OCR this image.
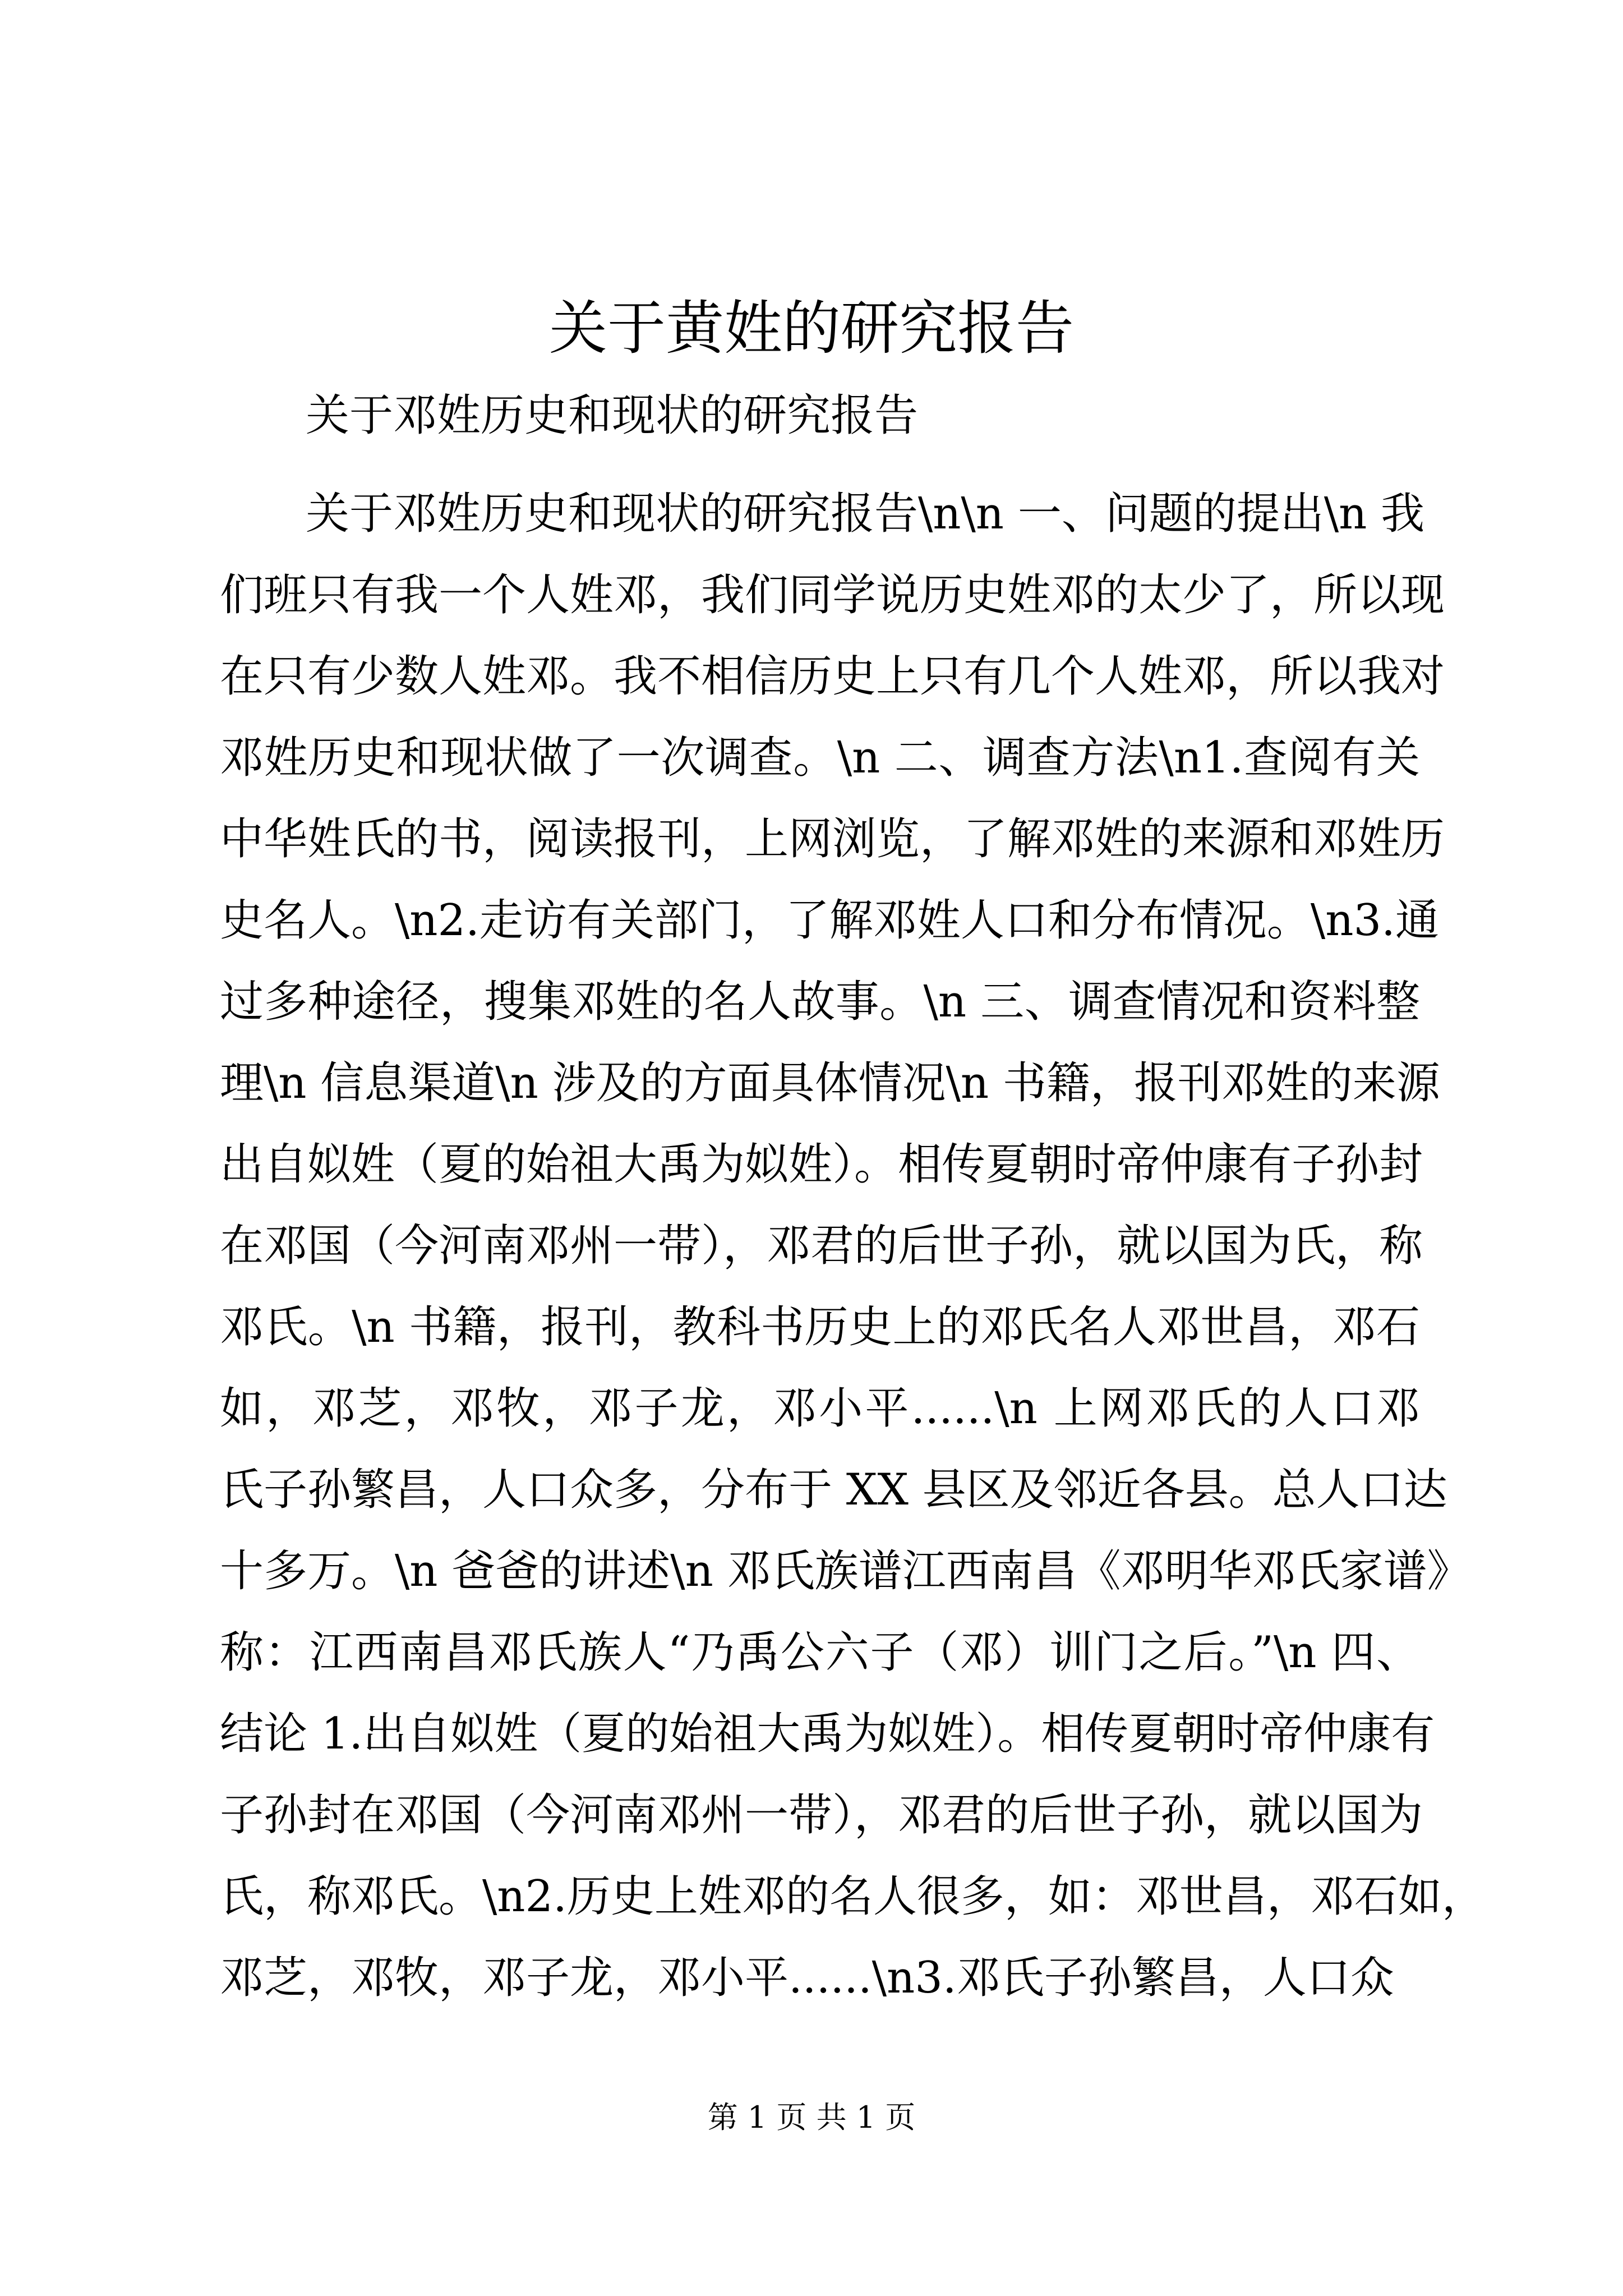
关于黄姓的研究报告

关于邓姓历史和现状的研究报告

关于邓姓历史和现状的研究报告\n\n 一、问题的提出\n 我
们班只有我一个人姓邓，我们同学说历史姓邓的太少了，所以现
在只有少数人姓邓。我不相信历史上只有几个人姓邓，所以我对
邓姓历史和现状做了一次调查。\n 二、调查方法\n1.查阅有关
中华姓氏的书，阅读报刊，上网浏览，了解邓姓的来源和邓姓历
史名人。\n2.走访有关部门，了解邓姓人口和分布情况。\n3.通
过多种途径，搜集邓姓的名人故事。\n 三、调查情况和资料整
理\n 信息渠道\n 涉及的方面具体情况\n 书籍，报刊邓姓的来源
出自姒姓（夏的始祖大禹为姒姓）。相传夏朝时帝仲康有子孙封
在邓国（今河南邓州一带），邓君的后世子孙，就以国为氏，称
邓氏。\n 书籍，报刊，教科书历史上的邓氏名人邓世昌，邓石
如，邓芝，邓牧，邓子龙，邓小平......\n 上网邓氏的人口邓
氏子孙繁昌，人口众多，分布于 XX 县区及邻近各县。总人口达
十多万。\n 爸爸的讲述\n 邓氏族谱江西南昌《邓明华邓氏家谱》
称：江西南昌邓氏族人“乃禹公六子（邓）训门之后。”\n 四、
结论 1.出自姒姓（夏的始祖大禹为姒姓）。相传夏朝时帝仲康有
子孙封在邓国（今河南邓州一带），邓君的后世子孙，就以国为
氏，称邓氏。\n2.历史上姓邓的名人很多，如：邓世昌，邓石如，
邓芝，邓牧，邓子龙，邓小平......\n3.邓氏子孙繁昌，人口众

第 1 页 共 1 页
